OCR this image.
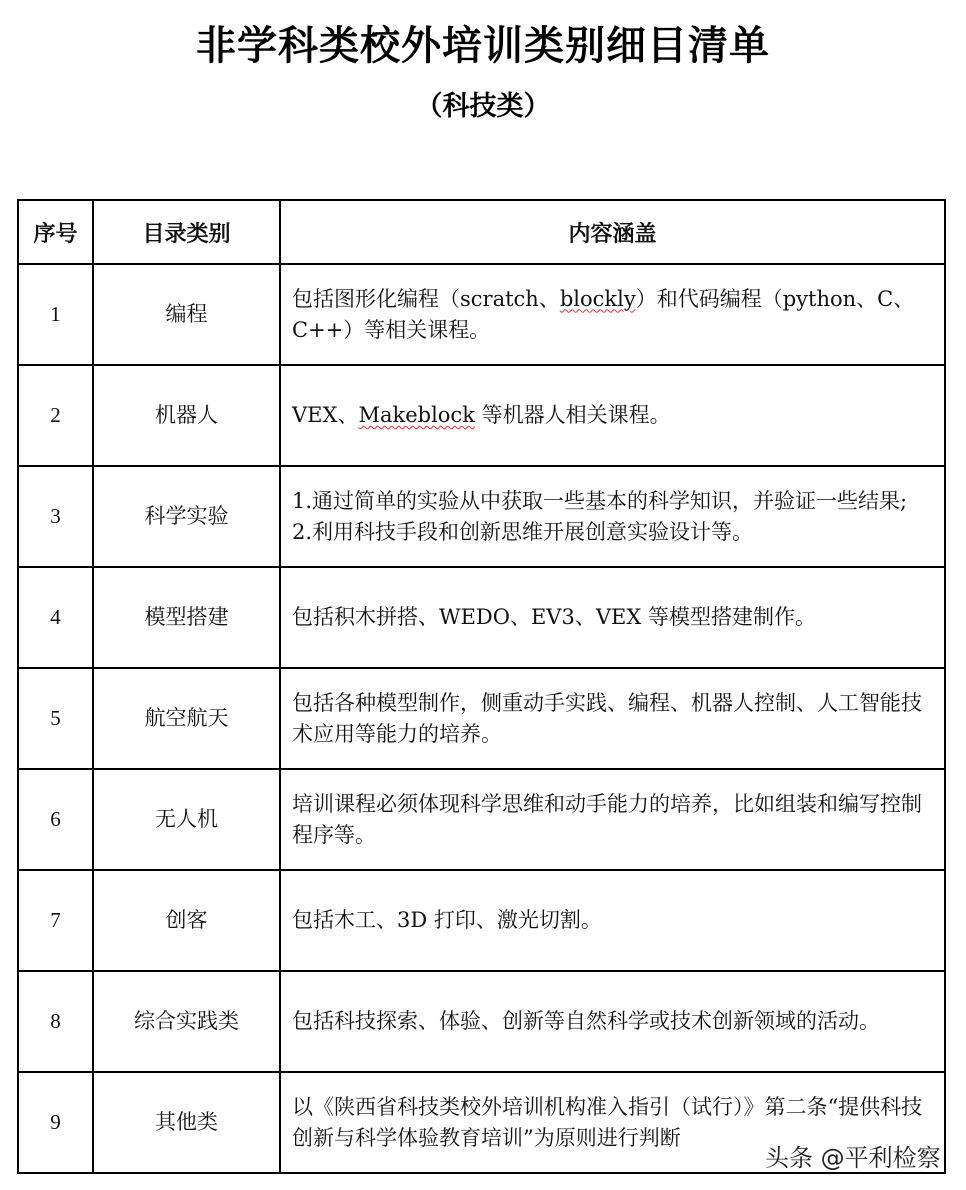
非学科类校外培训类别细目清单
（科技类）
序号	目录类别	内容涵盖
1	编程	包括图形化编程（scratch、blockly）和代码编程（python、C、C++）等相关课程。
2	机器人	VEX、Makeblock 等机器人相关课程。
3	科学实验	1.通过简单的实验从中获取一些基本的科学知识，并验证一些结果;
2.利用科技手段和创新思维开展创意实验设计等。

4	模型搭建	包括积木拼搭、WEDO、EV3、VEX 等模型搭建制作。
5	航空航天	包括各种模型制作，侧重动手实践、编程、机器人控制、人工智能技术应用等能力的培养。
6	无人机	培训课程必须体现科学思维和动手能力的培养，比如组装和编写控制程序等。
7	创客	包括木工、3D 打印、激光切割。
8	综合实践类	包括科技探索、体验、创新等自然科学或技术创新领域的活动。
9	其他类	以《陕西省科技类校外培训机构准入指引（试行）》第二条“提供科技创新与科学体验教育培训”为原则进行判断
头条 @平利检察
